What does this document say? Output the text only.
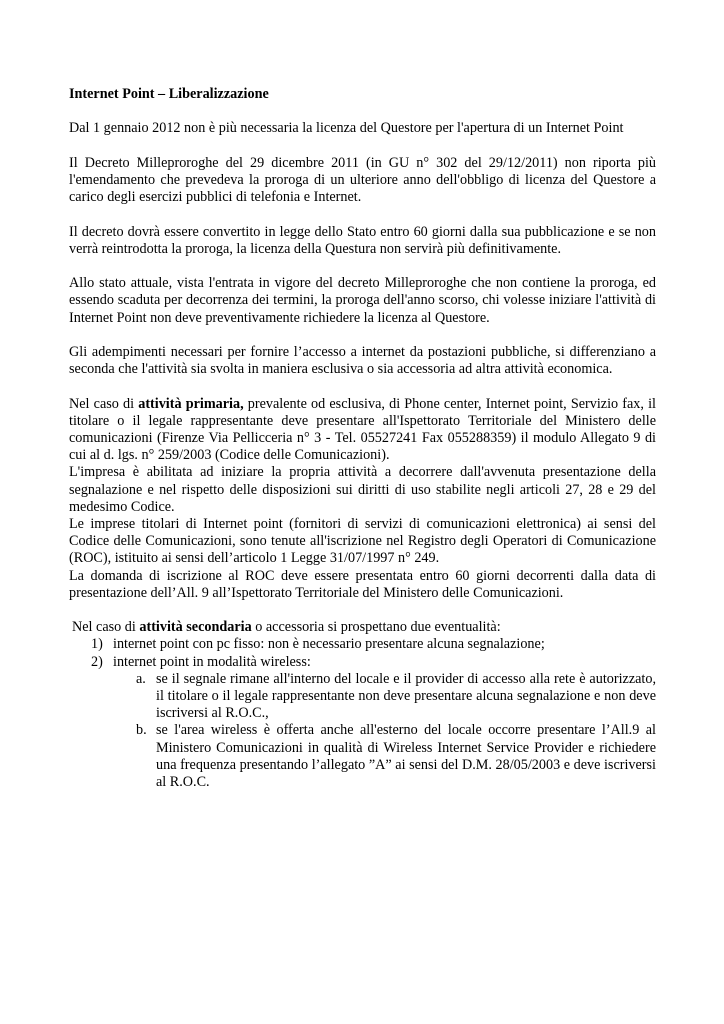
Internet Point – Liberalizzazione

Dal 1 gennaio 2012 non è più necessaria la licenza del Questore per l'apertura di un Internet Point

Il Decreto Milleproroghe del 29 dicembre 2011 (in GU n° 302 del 29/12/2011) non riporta più l'emendamento che prevedeva la proroga di un ulteriore anno dell'obbligo di licenza del Questore a carico degli esercizi pubblici di telefonia e Internet.

Il decreto dovrà essere convertito in legge dello Stato entro 60 giorni dalla sua pubblicazione e se non verrà reintrodotta la proroga, la licenza della Questura non servirà più definitivamente.

Allo stato attuale, vista l'entrata in vigore del decreto Milleproroghe che non contiene la proroga, ed essendo scaduta per decorrenza dei termini, la proroga dell'anno scorso, chi volesse iniziare l'attività di Internet Point non deve preventivamente richiedere la licenza al Questore.

Gli adempimenti necessari per fornire l’accesso a internet da postazioni pubbliche, si differenziano a seconda che l'attività sia svolta in maniera esclusiva o sia accessoria ad altra attività economica.

Nel caso di attività primaria, prevalente od esclusiva, di Phone center, Internet point, Servizio fax, il titolare o il legale rappresentante deve presentare all'Ispettorato Territoriale del Ministero delle comunicazioni (Firenze Via Pellicceria n° 3 - Tel. 05527241 Fax 055288359) il modulo Allegato 9 di cui al d. lgs. n° 259/2003 (Codice delle Comunicazioni).

L'impresa è abilitata ad iniziare la propria attività a decorrere dall'avvenuta presentazione della segnalazione e nel rispetto delle disposizioni sui diritti di uso stabilite negli articoli 27, 28 e 29 del medesimo Codice.

Le imprese titolari di Internet point (fornitori di servizi di comunicazioni elettronica) ai sensi del Codice delle Comunicazioni, sono tenute all'iscrizione nel Registro degli Operatori di Comunicazione (ROC), istituito ai sensi dell’articolo 1 Legge 31/07/1997 n° 249.

La domanda di iscrizione al ROC deve essere presentata entro 60 giorni decorrenti dalla data di presentazione dell’All. 9 all’Ispettorato Territoriale del Ministero delle Comunicazioni.

Nel caso di attività secondaria o accessoria si prospettano due eventualità:

1) internet point con pc fisso: non è necessario presentare alcuna segnalazione;
2) internet point in modalità wireless:
a. se il segnale rimane all'interno del locale e il provider di accesso alla rete è autorizzato, il titolare o il legale rappresentante non deve presentare alcuna segnalazione e non deve iscriversi al R.O.C.,
b. se l'area wireless è offerta anche all'esterno del locale occorre presentare l’All.9 al Ministero Comunicazioni in qualità di Wireless Internet Service Provider e richiedere una frequenza presentando l’allegato ”A” ai sensi del D.M. 28/05/2003 e deve iscriversi al R.O.C.
